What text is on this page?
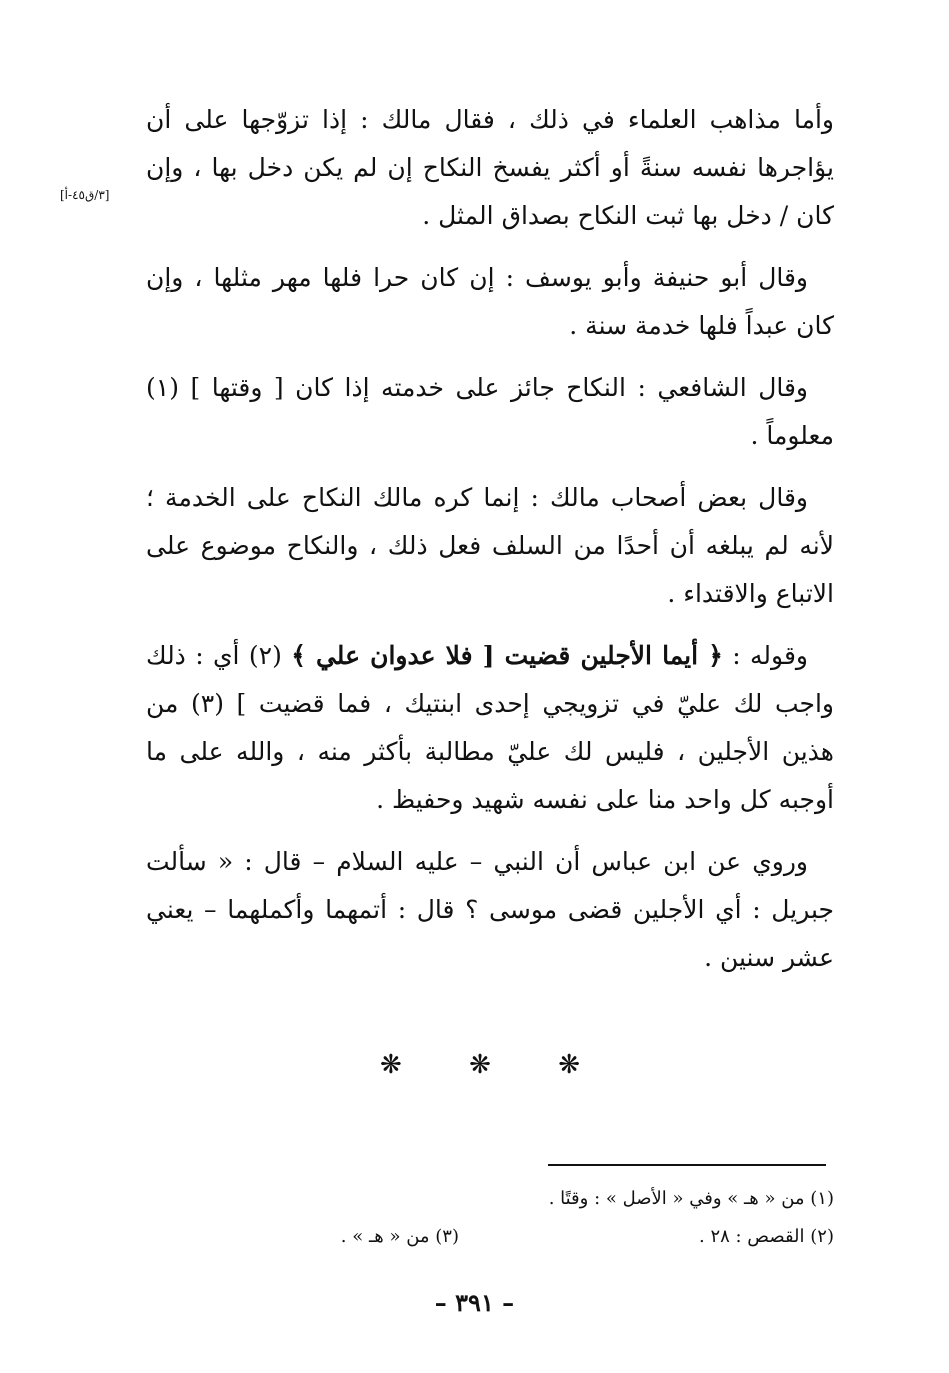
[٣/ق٤٥-أ]

وأما مذاهب العلماء في ذلك ، فقال مالك : إذا تزوّجها على أن يؤاجرها نفسه سنةً أو أكثر يفسخ النكاح إن لم يكن دخل بها ، وإن كان / دخل بها ثبت النكاح بصداق المثل .

وقال أبو حنيفة وأبو يوسف : إن كان حرا فلها مهر مثلها ، وإن كان عبداً فلها خدمة سنة .

وقال الشافعي : النكاح جائز على خدمته إذا كان [ وقتها ] (١) معلوماً .

وقال بعض أصحاب مالك : إنما كره مالك النكاح على الخدمة ؛ لأنه لم يبلغه أن أحدًا من السلف فعل ذلك ، والنكاح موضوع على الاتباع والاقتداء .

وقوله : ﴿ أيما الأجلين قضيت [ فلا عدوان علي ﴾ (٢) أي : ذلك واجب لك عليّ في تزويجي إحدى ابنتيك ، فما قضيت ] (٣) من هذين الأجلين ، فليس لك عليّ مطالبة بأكثر منه ، والله على ما أوجبه كل واحد منا على نفسه شهيد وحفيظ .

وروي عن ابن عباس أن النبي – عليه السلام – قال : « سألت جبريل : أي الأجلين قضى موسى ؟ قال : أتمهما وأكملهما – يعني عشر سنين .

❋	❋	❋
(١) من « هـ » وفي « الأصل » : وقتًا .
(٢) القصص : ٢٨ .
(٣) من « هـ » .
– ٣٩١ –
